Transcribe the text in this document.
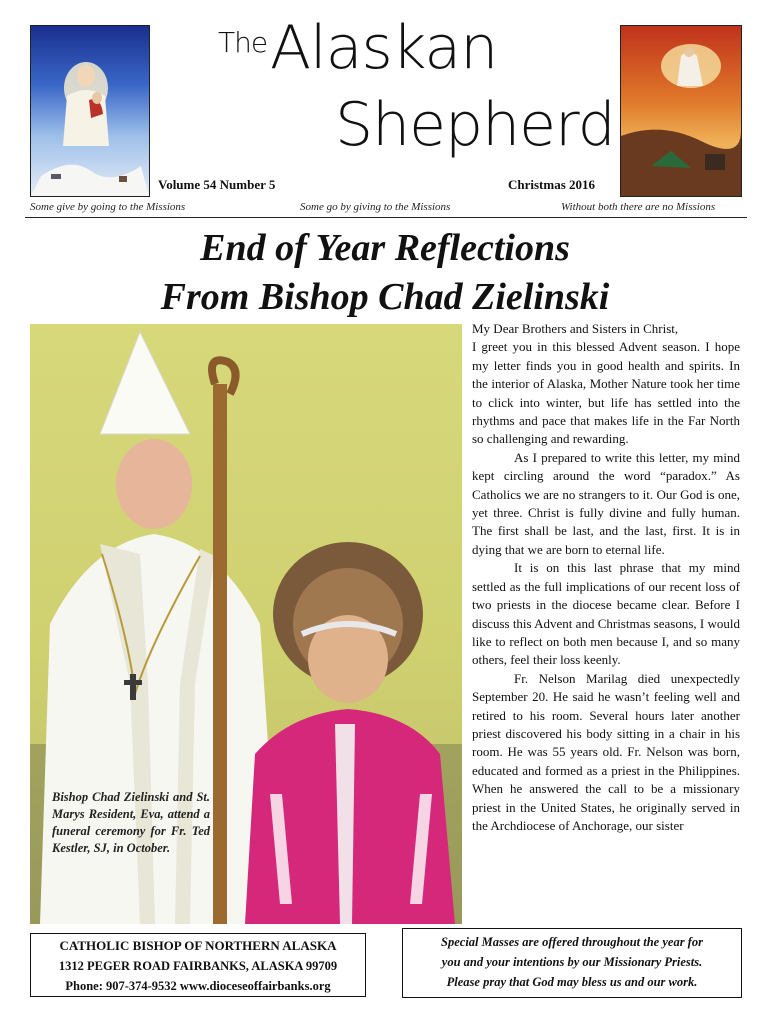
The Alaskan
Shepherd
Volume 54 Number 5	Christmas 2016
Some give by going to the Missions	Some go by giving to the Missions	Without both there are no Missions
End of Year Reflections
From Bishop Chad Zielinski
Bishop Chad Zielinski and St. Marys Resident, Eva, attend a funeral ceremony for Fr. Ted Kestler, SJ, in October.

My Dear Brothers and Sisters in Christ,

I greet you in this blessed Advent season. I hope my letter finds you in good health and spirits. In the interior of Alaska, Mother Nature took her time to click into winter, but life has settled into the rhythms and pace that makes life in the Far North so challenging and rewarding.

As I prepared to write this letter, my mind kept circling around the word “paradox.” As Catholics we are no strangers to it. Our God is one, yet three. Christ is fully divine and fully human. The first shall be last, and the last, first. It is in dying that we are born to eternal life.

It is on this last phrase that my mind settled as the full implications of our recent loss of two priests in the diocese became clear. Before I discuss this Advent and Christmas seasons, I would like to reflect on both men because I, and so many others, feel their loss keenly.

Fr. Nelson Marilag died unexpectedly September 20. He said he wasn’t feeling well and retired to his room. Several hours later another priest discovered his body sitting in a chair in his room. He was 55 years old. Fr. Nelson was born, educated and formed as a priest in the Philippines. When he answered the call to be a missionary priest in the United States, he originally served in the Archdiocese of Anchorage, our sister

CATHOLIC BISHOP OF NORTHERN ALASKA
1312 PEGER ROAD FAIRBANKS, ALASKA 99709
Phone: 907-374-9532 www.dioceseoffairbanks.org
Special Masses are offered throughout the year for
you and your intentions by our Missionary Priests.
Please pray that God may bless us and our work.
